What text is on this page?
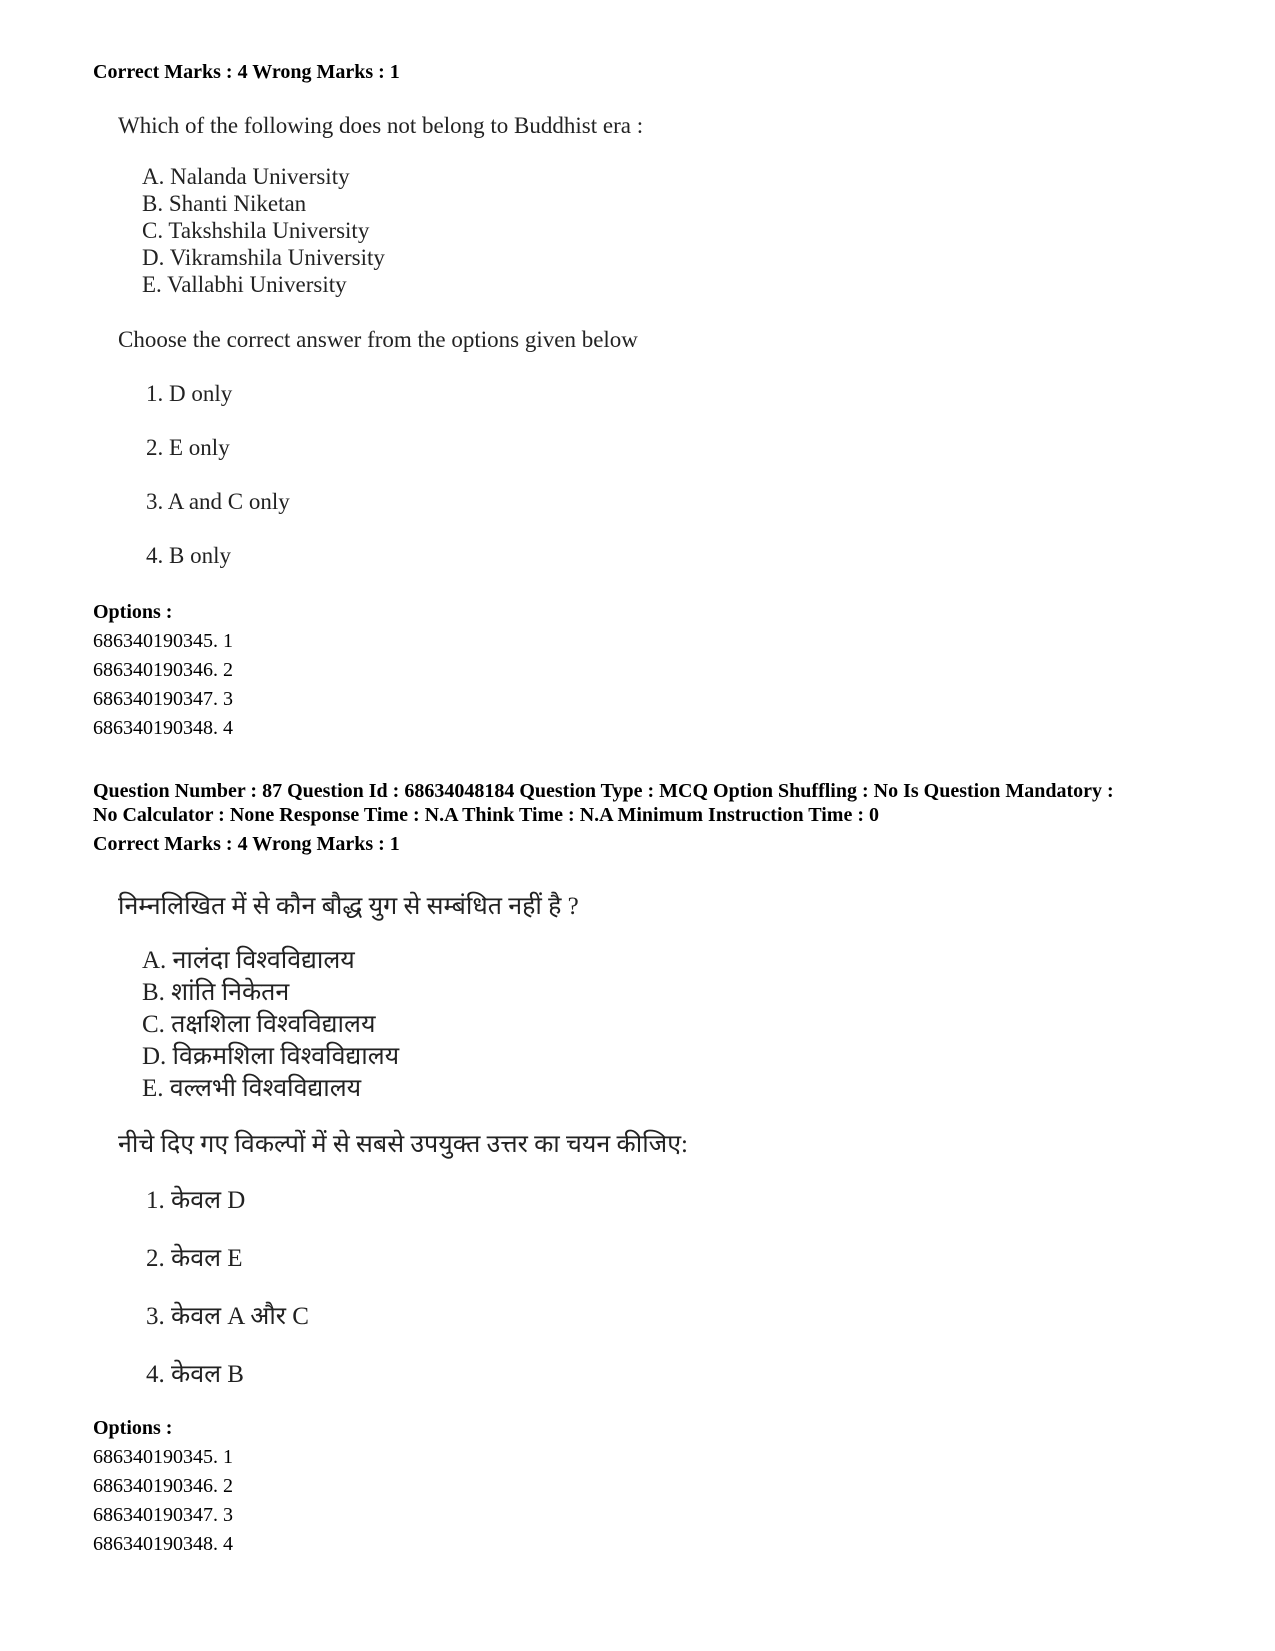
Correct Marks : 4 Wrong Marks : 1
Which of the following does not belong to Buddhist era :
A. Nalanda University
B. Shanti Niketan
C. Takshshila University
D. Vikramshila University
E. Vallabhi University
Choose the correct answer from the options given below
1. D only
2. E only
3. A and C only
4. B only
Options :
686340190345. 1
686340190346. 2
686340190347. 3
686340190348. 4
Question Number : 87 Question Id : 68634048184 Question Type : MCQ Option Shuffling : No Is Question Mandatory :
No Calculator : None Response Time : N.A Think Time : N.A Minimum Instruction Time : 0
Correct Marks : 4 Wrong Marks : 1
निम्नलिखित में से कौन बौद्ध युग से सम्बंधित नहीं है ?
A. नालंदा विश्वविद्यालय
B. शांति निकेतन
C. तक्षशिला विश्वविद्यालय
D. विक्रमशिला विश्वविद्यालय
E. वल्लभी विश्वविद्यालय
नीचे दिए गए विकल्पों में से सबसे उपयुक्त उत्तर का चयन कीजिए:
1. केवल D
2. केवल E
3. केवल A और C
4. केवल B
Options :
686340190345. 1
686340190346. 2
686340190347. 3
686340190348. 4
